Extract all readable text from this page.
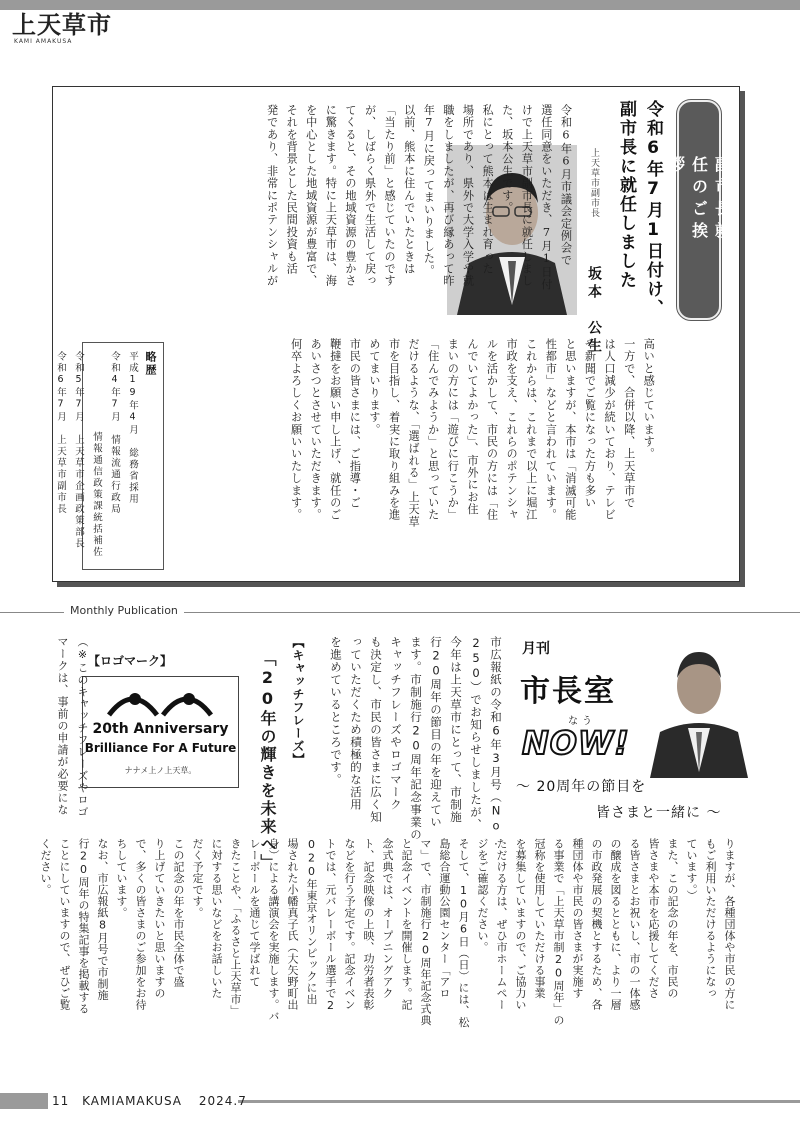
上天草市
KAMI AMAKUSA
副市長就任のご挨拶
令和6年7月1日付け、
副市長に就任しました
上天草市副市長
坂本　公生
令和6年6月市議会定例会で
選任同意をいただき、7月1日付
けで上天草市副市長に就任しまし
た、坂本公生です。
私にとって熊本は生まれ育った
場所であり、県外で大学入学や就
職をしましたが、再び縁あって昨
年7月に戻ってまいりました。
以前、熊本に住んでいたときは
「当たり前」と感じていたのです
が、しばらく県外で生活して戻っ
てくると、その地域資源の豊かさ
に驚きます。特に上天草市は、海
を中心とした地域資源が豊富で、
それを背景とした民間投資も活
発であり、非常にポテンシャルが
高いと感じています。
一方で、合併以降、上天草市で
は人口減少が続いており、テレビ
や新聞でご覧になった方も多い
と思いますが、本市は「消滅可能
性都市」などと言われています。
これからは、これまで以上に堀江
市政を支え、これらのポテンシャ
ルを活かして、市民の方には「住
んでいてよかった」、市外にお住
まいの方には「遊びに行こうか」
「住んでみようか」と思っていた
だけるような、「選ばれる」上天草
市を目指し、着実に取り組みを進
めてまいります。
市民の皆さまには、ご指導・ご
鞭撻をお願い申し上げ、就任のご
あいさつとさせていただきます。
何卒よろしくお願いいたします。
略歴
平成19年4月　総務省採用
令和4年7月　情報流通行政局
　　　　　　　情報通信政策課統括補佐
令和5年7月　上天草市企画政策部長
令和6年7月　上天草市副市長
Monthly Publication
月刊
市長室
なう
NOW!
～ 20周年の節目を
皆さまと一緒に ～
市広報紙の令和6年3月号（No.
250）でお知らせしましたが、
今年は上天草市にとって、市制施
行20周年の節目の年を迎えてい
ます。市制施行20周年記念事業の
キャッチフレーズやロゴマーク
も決定し、市民の皆さまに広く知
っていただくため積極的な活用
を進めているところです。
【キャッチフレーズ】
「20年の輝きを未来へ」
【ロゴマーク】
20th Anniversary
Brilliance For A Future
ナナメ上ノ上天草。
（※このキャッチフレーズやロゴ
マークは、事前の申請が必要にな
りますが、各種団体や市民の方に
もご利用いただけるようになっ
ています。）
また、この記念の年を、市民の
皆さまや本市を応援してくださ
る皆さまとお祝いし、市の一体感
の醸成を図るとともに、より一層
の市政発展の契機とするため、各
種団体や市民の皆さまが実施す
る事業で「上天草市制20周年」の
冠称を使用していただける事業
を募集していますので、ご協力い
ただける方は、ぜひ市ホームペー
ジをご確認ください。
そして、10月6日（日）には、松
島総合運動公園センター「アロ
マ」で、市制施行20周年記念式典
と記念イベントを開催します。記
念式典では、オープニングアク
ト、記念映像の上映、功労者表彰
などを行う予定です。記念イベン
トでは、元バレーボール選手で2
020年東京オリンピックに出
場された小幡真子氏（大矢野町出
身）による講演会を実施します。バ
レーボールを通じて学ばれて
きたことや、「ふるさと上天草市」
に対する思いなどをお話しいた
だく予定です。
この記念の年を市民全体で盛
り上げていきたいと思いますの
で、多くの皆さまのご参加をお待
ちしています。
なお、市広報紙8月号で市制施
行20周年の特集記事を掲載する
ことにしていますので、ぜひご覧
ください。
11 KAMIAMAKUSA 2024.7
